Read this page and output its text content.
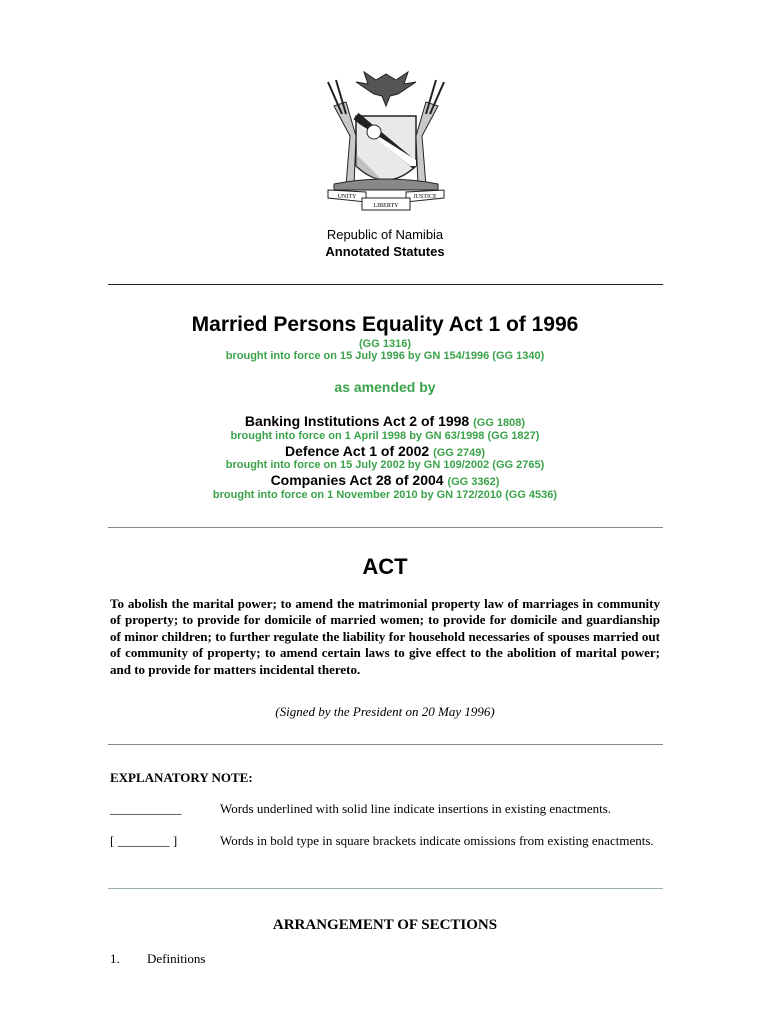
UNITY
LIBERTY
JUSTICE
Republic of Namibia
Annotated Statutes
Married Persons Equality Act 1 of 1996
(GG 1316)
brought into force on 15 July 1996 by GN 154/1996 (GG 1340)
as amended by
Banking Institutions Act 2 of 1998 (GG 1808)
brought into force on 1 April 1998 by GN 63/1998 (GG 1827)
Defence Act 1 of 2002 (GG 2749)
brought into force on 15 July 2002 by GN 109/2002 (GG 2765)
Companies Act 28 of 2004 (GG 3362)
brought into force on 1 November 2010 by GN 172/2010 (GG 4536)
ACT
To abolish the marital power; to amend the matrimonial property law of marriages in community of property; to provide for domicile of married women; to provide for domicile and guardianship of minor children; to further regulate the liability for household necessaries of spouses married out of community of property; to amend certain laws to give effect to the abolition of marital power; and to provide for matters incidental thereto.
(Signed by the President on 20 May 1996)
EXPLANATORY NOTE:
___________	Words underlined with solid line indicate insertions in existing enactments.
[ ________ ]	Words in bold type in square brackets indicate omissions from existing enactments.
ARRANGEMENT OF SECTIONS
1. Definitions
